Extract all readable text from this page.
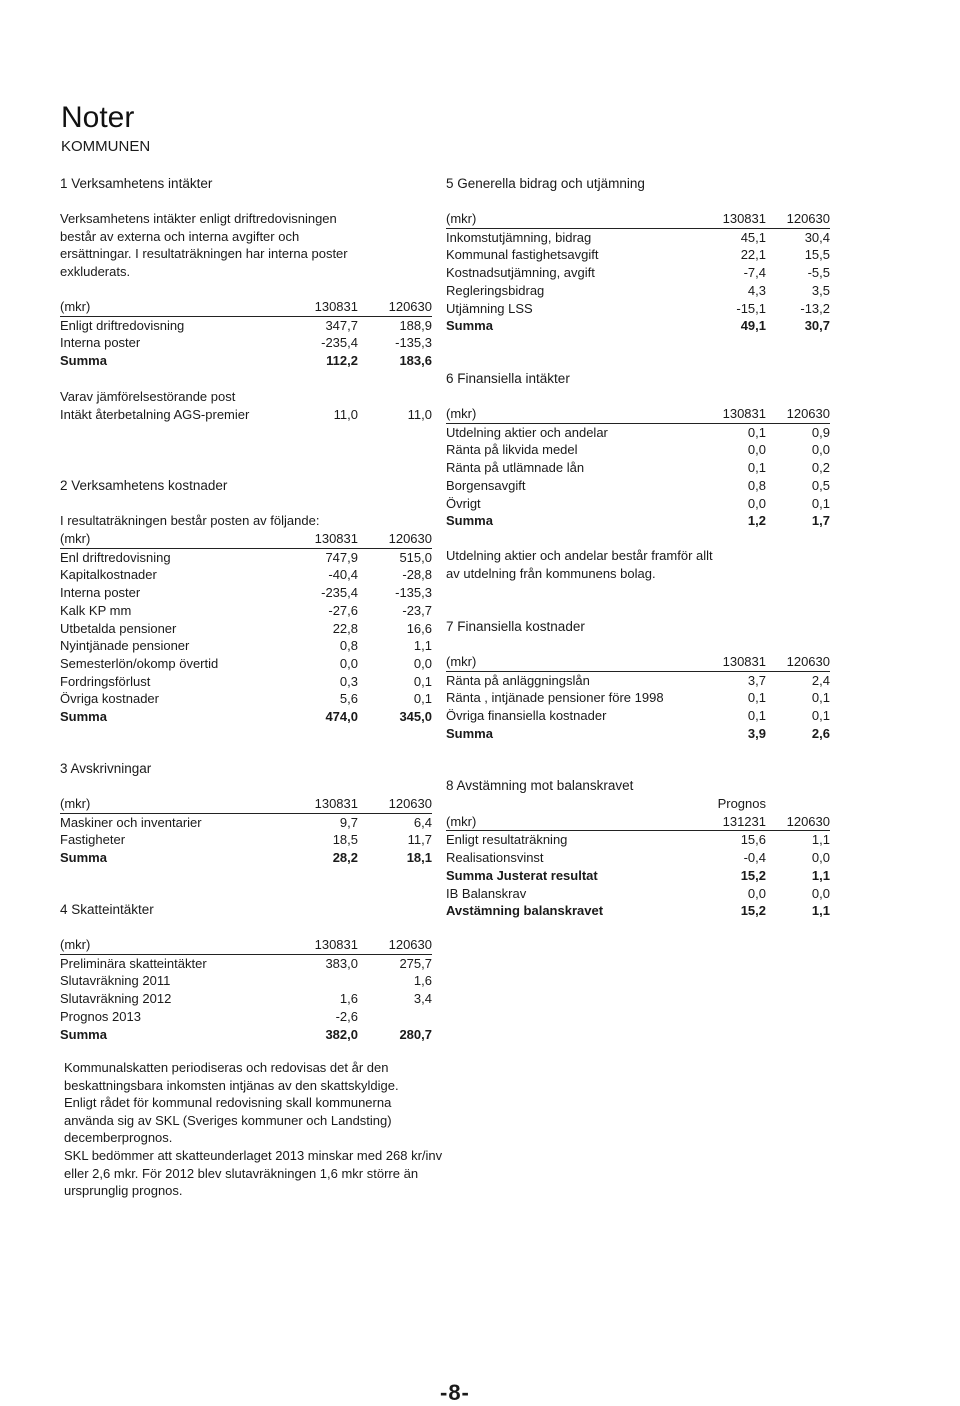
Noter
KOMMUNEN
1 Verksamhetens intäkter
Verksamhetens intäkter enligt driftredovisningen
består av externa och interna avgifter och
ersättningar. I resultaträkningen har interna poster
exkluderats.
(mkr)	130831	120630
Enligt driftredovisning	347,7	188,9
Interna poster	-235,4	-135,3
Summa	112,2	183,6
Varav jämförelsestörande post
Intäkt återbetalning AGS-premier	11,0	11,0
2 Verksamhetens kostnader
I resultaträkningen består posten av följande:
(mkr)	130831	120630
Enl driftredovisning	747,9	515,0
Kapitalkostnader	-40,4	-28,8
Interna poster	-235,4	-135,3
Kalk KP mm	-27,6	-23,7
Utbetalda pensioner	22,8	16,6
Nyintjänade pensioner	0,8	1,1
Semesterlön/okomp övertid	0,0	0,0
Fordringsförlust	0,3	0,1
Övriga kostnader	5,6	0,1
Summa	474,0	345,0
3 Avskrivningar
(mkr)	130831	120630
Maskiner och inventarier	9,7	6,4
Fastigheter	18,5	11,7
Summa	28,2	18,1
4 Skatteintäkter
(mkr)	130831	120630
Preliminära skatteintäkter	383,0	275,7
Slutavräkning 2011		1,6
Slutavräkning 2012	1,6	3,4
Prognos 2013	-2,6	
Summa	382,0	280,7
Kommunalskatten periodiseras och redovisas det år den
beskattningsbara inkomsten intjänas av den skattskyldige.
Enligt rådet för kommunal redovisning skall kommunerna
använda sig av SKL (Sveriges kommuner och Landsting)
decemberprognos.
SKL bedömmer att skatteunderlaget 2013 minskar med 268 kr/inv
eller 2,6 mkr. För 2012 blev slutavräkningen 1,6 mkr större än
ursprunglig prognos.
5 Generella bidrag och utjämning
(mkr)	130831	120630
Inkomstutjämning, bidrag	45,1	30,4
Kommunal fastighetsavgift	22,1	15,5
Kostnadsutjämning, avgift	-7,4	-5,5
Regleringsbidrag	4,3	3,5
Utjämning LSS	-15,1	-13,2
Summa	49,1	30,7
6 Finansiella intäkter
(mkr)	130831	120630
Utdelning aktier och andelar	0,1	0,9
Ränta på likvida medel	0,0	0,0
Ränta på utlämnade lån	0,1	0,2
Borgensavgift	0,8	0,5
Övrigt	0,0	0,1
Summa	1,2	1,7
Utdelning aktier och andelar består framför allt
av utdelning från kommunens bolag.
7 Finansiella kostnader
(mkr)	130831	120630
Ränta på anläggningslån	3,7	2,4
Ränta , intjänade pensioner före 1998	0,1	0,1
Övriga finansiella kostnader	0,1	0,1
Summa	3,9	2,6
8 Avstämning mot balanskravet
	Prognos	
(mkr)	131231	120630
Enligt resultaträkning	15,6	1,1
Realisationsvinst	-0,4	0,0
Summa Justerat resultat	15,2	1,1
IB Balanskrav	0,0	0,0
Avstämning balanskravet	15,2	1,1
-8-
